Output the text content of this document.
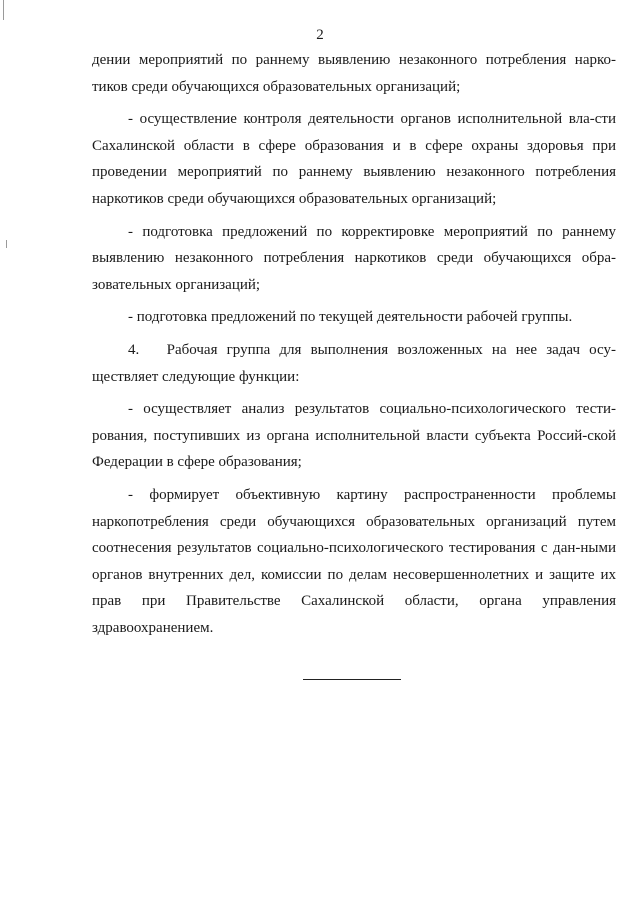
2

дении мероприятий по раннему выявлению незаконного потребления нарко-тиков среди обучающихся образовательных организаций;

- осуществление контроля деятельности органов исполнительной вла-сти Сахалинской области в сфере образования и в сфере охраны здоровья при проведении мероприятий по раннему выявлению незаконного потребления наркотиков среди обучающихся образовательных организаций;

- подготовка предложений по корректировке мероприятий по раннему выявлению незаконного потребления наркотиков среди обучающихся обра-зовательных организаций;

- подготовка предложений по текущей деятельности рабочей группы.

4.   Рабочая группа для выполнения возложенных на нее задач осу-ществляет следующие функции:

- осуществляет анализ результатов социально-психологического тести-рования, поступивших из органа исполнительной власти субъекта Россий-ской Федерации в сфере образования;

- формирует объективную картину распространенности проблемы наркопотребления среди обучающихся образовательных организаций путем соотнесения результатов социально-психологического тестирования с дан-ными органов внутренних дел, комиссии по делам несовершеннолетних и защите их прав при Правительстве Сахалинской области, органа управления здравоохранением.
